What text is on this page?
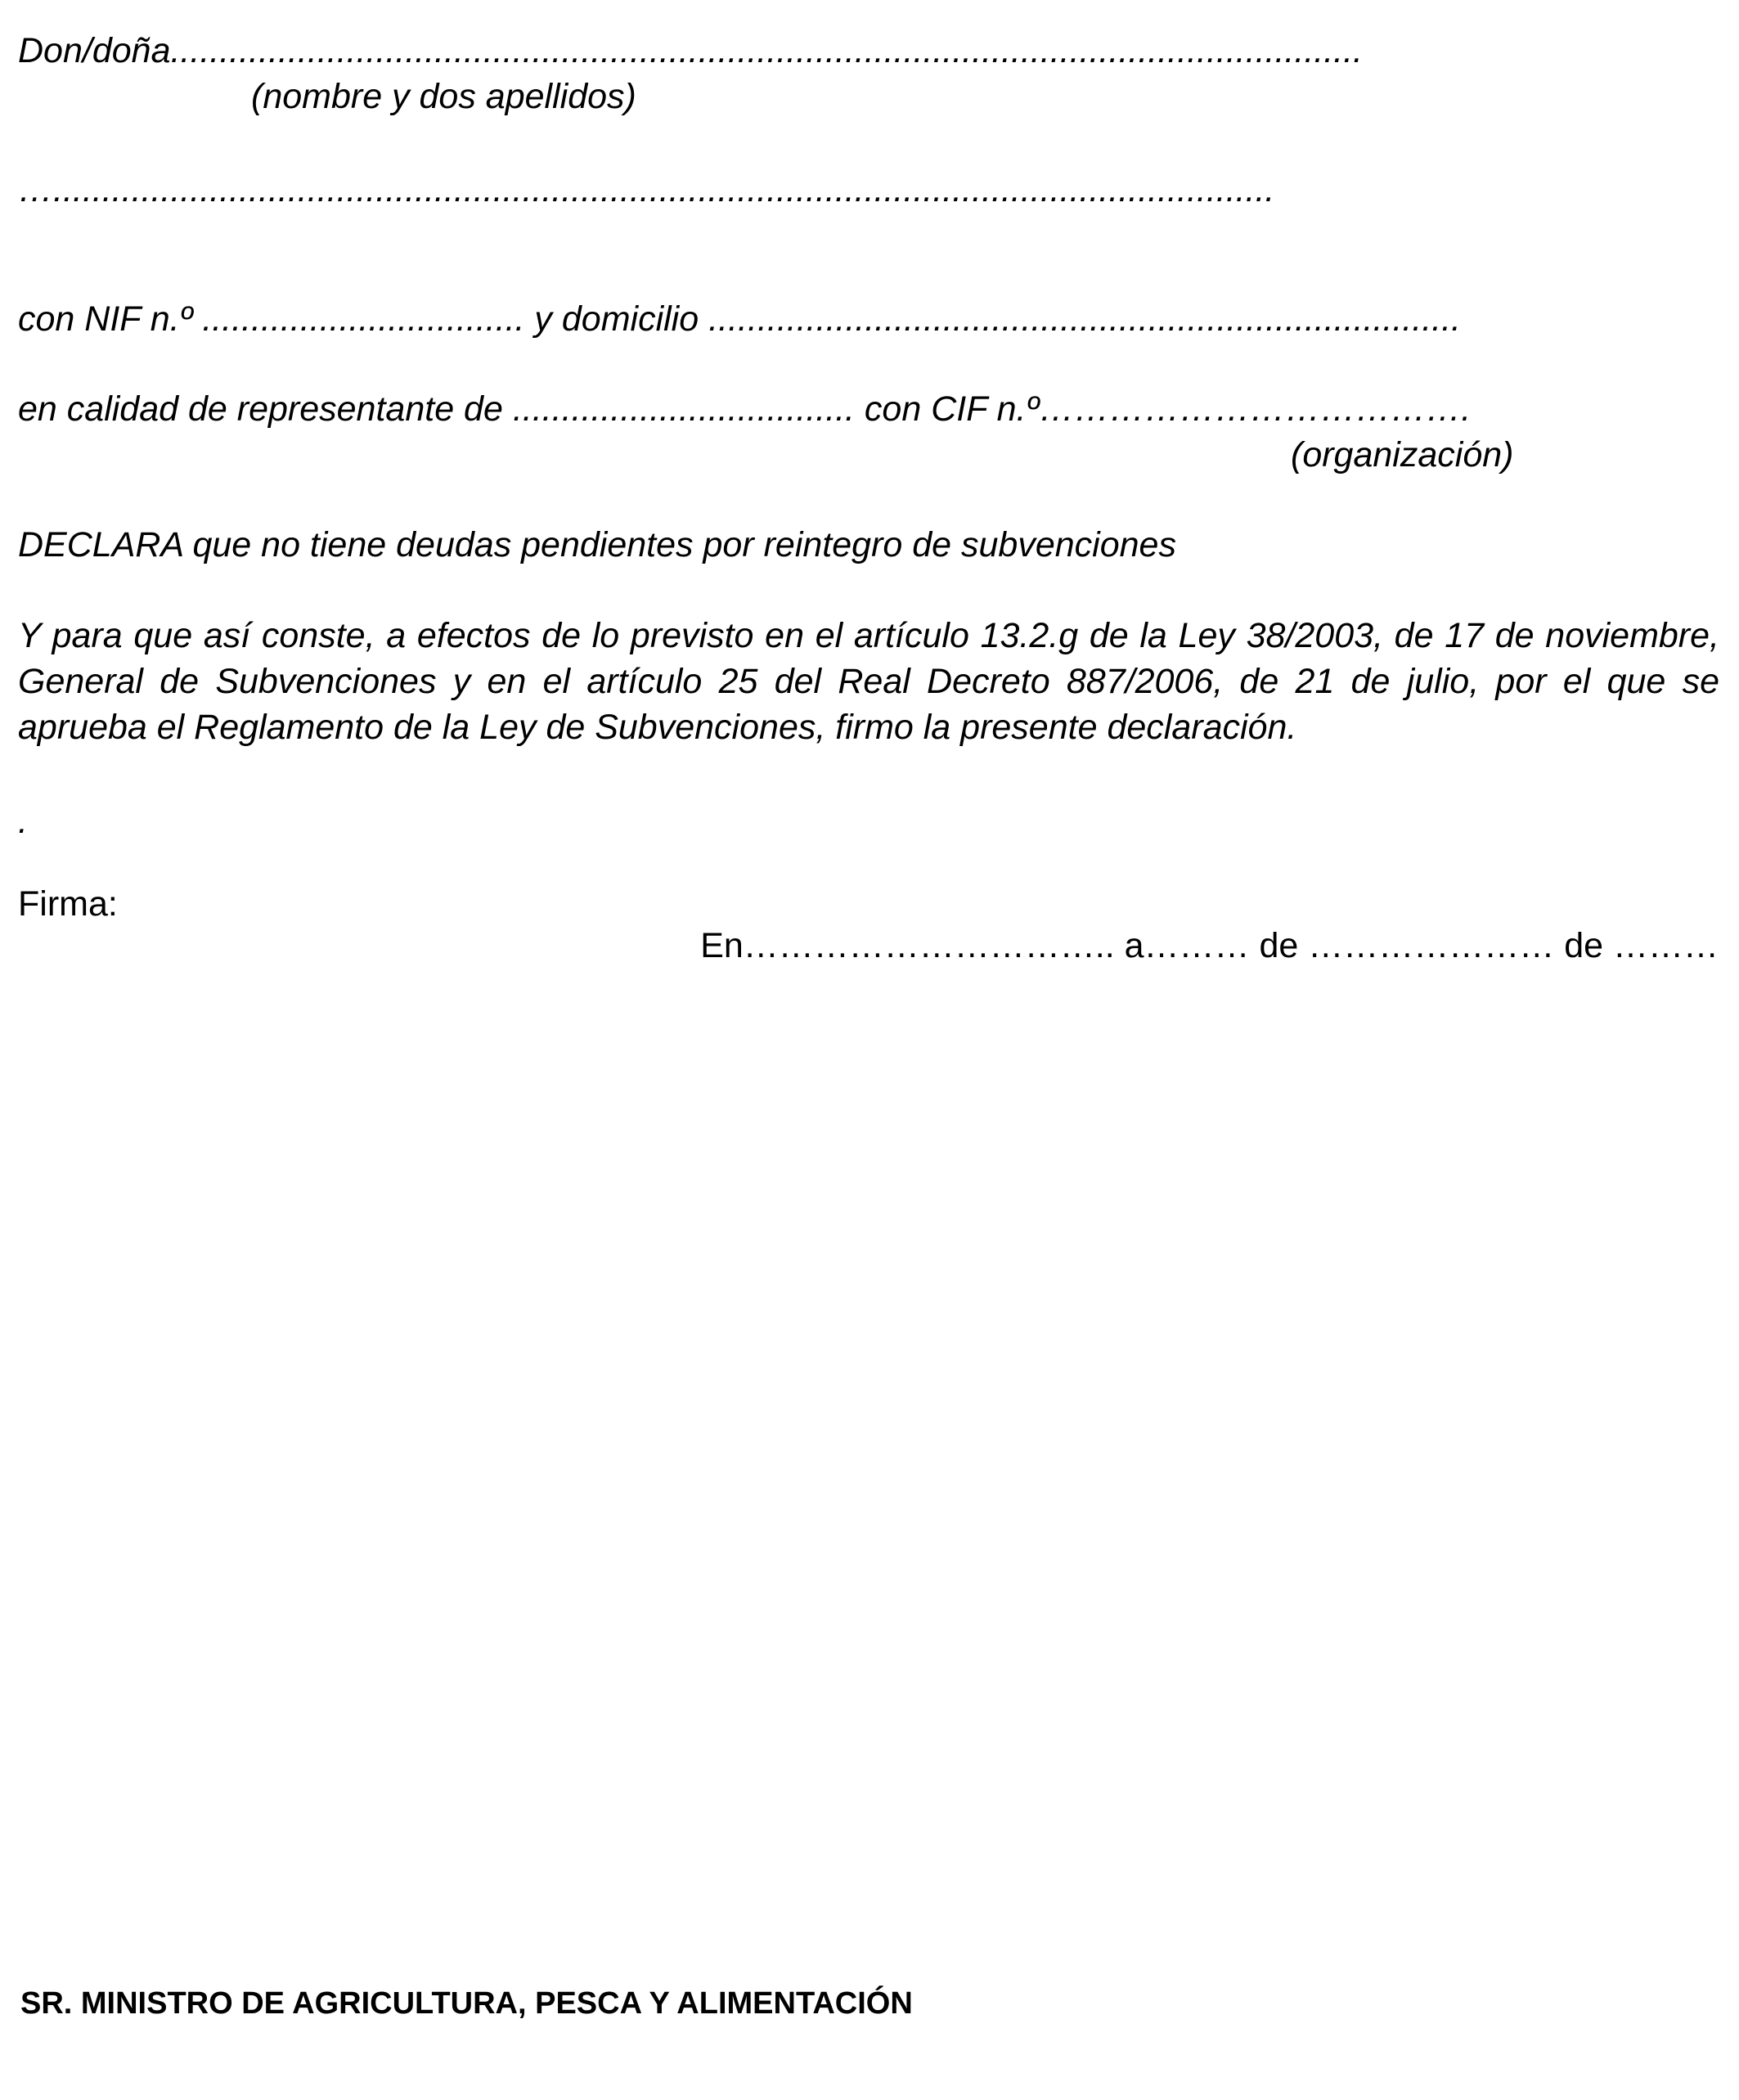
Don/doña..........................................................................................................................

(nombre y dos apellidos)

….............................................................................................................................

con NIF n.º ................................. y domicilio .............................................................................

en calidad de representante de ................................... con CIF n.º……………………………….

(organización)

DECLARA que no tiene deudas pendientes por reintegro de subvenciones

Y para que así conste, a efectos de lo previsto en el artículo 13.2.g de la Ley 38/2003, de 17 de noviembre, General de Subvenciones y en el artículo 25 del Real Decreto 887/2006, de 21 de julio, por el que se aprueba el Reglamento de la Ley de Subvenciones, firmo la presente declaración.

.

Firma:

En………………………….. a……… de ………………… de ………

SR. MINISTRO DE AGRICULTURA, PESCA Y ALIMENTACIÓN
